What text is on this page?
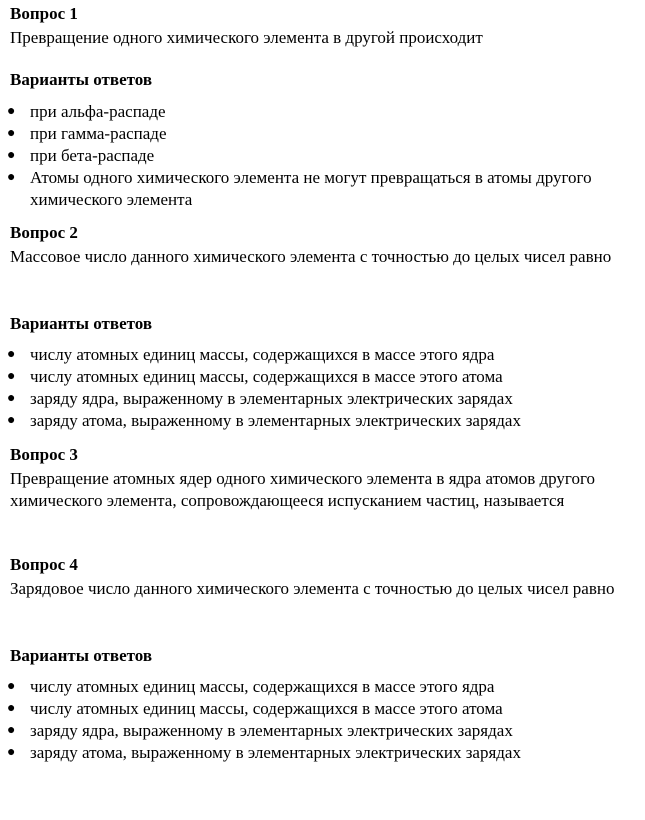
Вопрос 1
Превращение одного химического элемента в другой происходит
Варианты ответов
● при альфа-распаде
● при гамма-распаде
● при бета-распаде
● Атомы одного химического элемента не могут превращаться в атомы другого химического элемента
Вопрос 2
Массовое число данного химического элемента с точностью до целых чисел равно
Варианты ответов
● числу атомных единиц массы, содержащихся в массе этого ядра
● числу атомных единиц массы, содержащихся в массе этого атома
● заряду ядра, выраженному в элементарных электрических зарядах
● заряду атома, выраженному в элементарных электрических зарядах
Вопрос 3
Превращение атомных ядер одного химического элемента в ядра атомов другого химического элемента, сопровождающееся испусканием частиц, называется
Вопрос 4
Зарядовое число данного химического элемента с точностью до целых чисел равно
Варианты ответов
● числу атомных единиц массы, содержащихся в массе этого ядра
● числу атомных единиц массы, содержащихся в массе этого атома
● заряду ядра, выраженному в элементарных электрических зарядах
● заряду атома, выраженному в элементарных электрических зарядах
